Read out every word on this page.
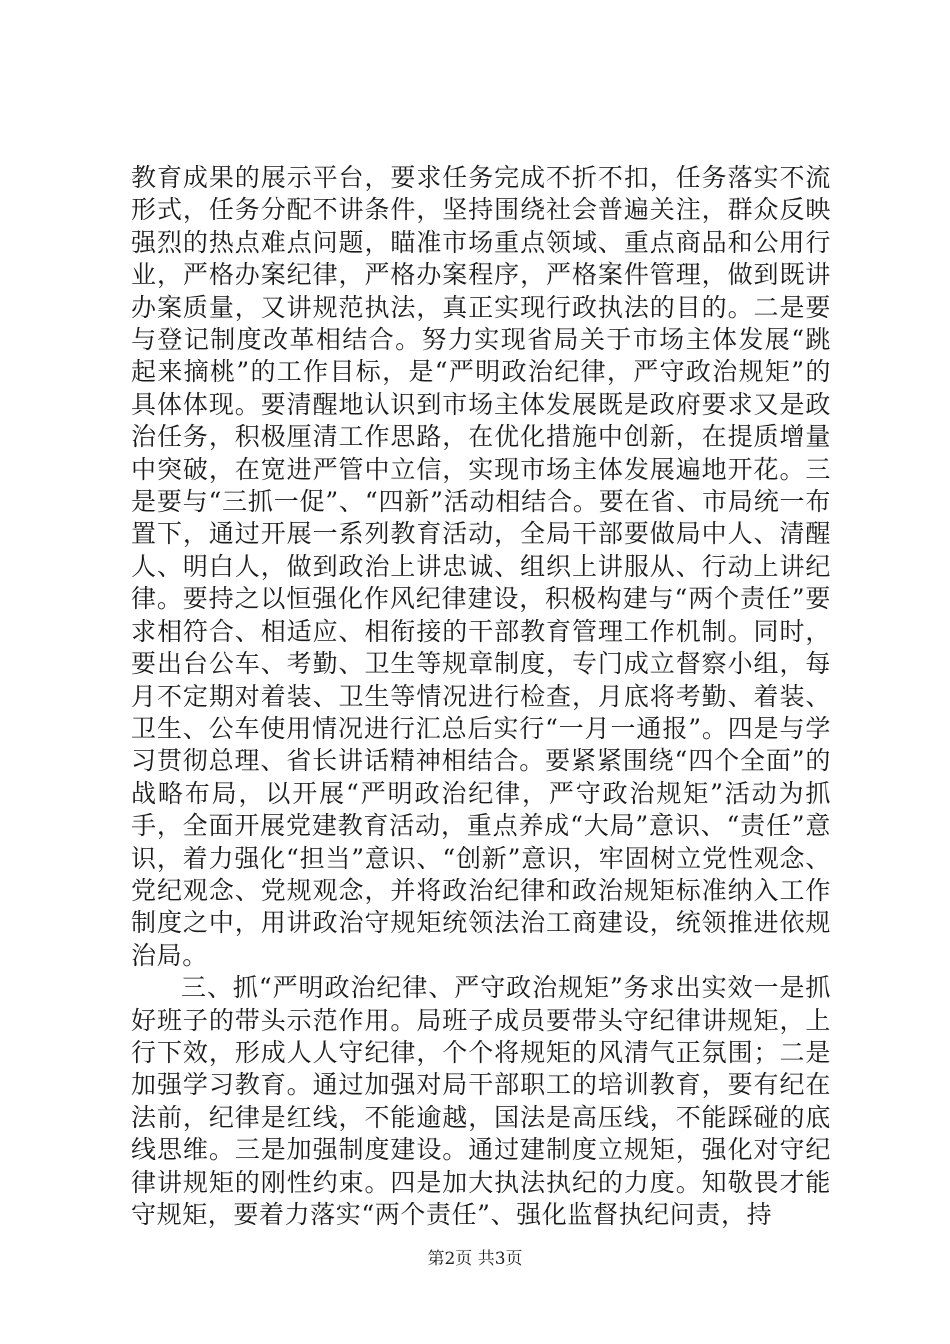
教育成果的展示平台，要求任务完成不折不扣，任务落实不流形式，任务分配不讲条件，坚持围绕社会普遍关注，群众反映强烈的热点难点问题，瞄准市场重点领域、重点商品和公用行业，严格办案纪律，严格办案程序，严格案件管理，做到既讲办案质量，又讲规范执法，真正实现行政执法的目的。二是要与登记制度改革相结合。努力实现省局关于市场主体发展“跳起来摘桃”的工作目标，是“严明政治纪律，严守政治规矩”的具体体现。要清醒地认识到市场主体发展既是政府要求又是政治任务，积极厘清工作思路，在优化措施中创新，在提质增量中突破，在宽进严管中立信，实现市场主体发展遍地开花。三是要与“三抓一促”、“四新”活动相结合。要在省、市局统一布置下，通过开展一系列教育活动，全局干部要做局中人、清醒人、明白人，做到政治上讲忠诚、组织上讲服从、行动上讲纪律。要持之以恒强化作风纪律建设，积极构建与“两个责任”要求相符合、相适应、相衔接的干部教育管理工作机制。同时，要出台公车、考勤、卫生等规章制度，专门成立督察小组，每月不定期对着装、卫生等情况进行检查，月底将考勤、着装、卫生、公车使用情况进行汇总后实行“一月一通报”。四是与学习贯彻总理、省长讲话精神相结合。要紧紧围绕“四个全面”的战略布局，以开展“严明政治纪律，严守政治规矩”活动为抓手，全面开展党建教育活动，重点养成“大局”意识、“责任”意识，着力强化“担当”意识、“创新”意识，牢固树立党性观念、党纪观念、党规观念，并将政治纪律和政治规矩标准纳入工作制度之中，用讲政治守规矩统领法治工商建设，统领推进依规治局。

三、抓“严明政治纪律、严守政治规矩”务求出实效一是抓好班子的带头示范作用。局班子成员要带头守纪律讲规矩，上行下效，形成人人守纪律，个个将规矩的风清气正氛围；二是加强学习教育。通过加强对局干部职工的培训教育，要有纪在法前，纪律是红线，不能逾越，国法是高压线，不能踩碰的底线思维。三是加强制度建设。通过建制度立规矩，强化对守纪律讲规矩的刚性约束。四是加大执法执纪的力度。知敬畏才能守规矩，要着力落实“两个责任”、强化监督执纪问责，持

第2页 共3页
